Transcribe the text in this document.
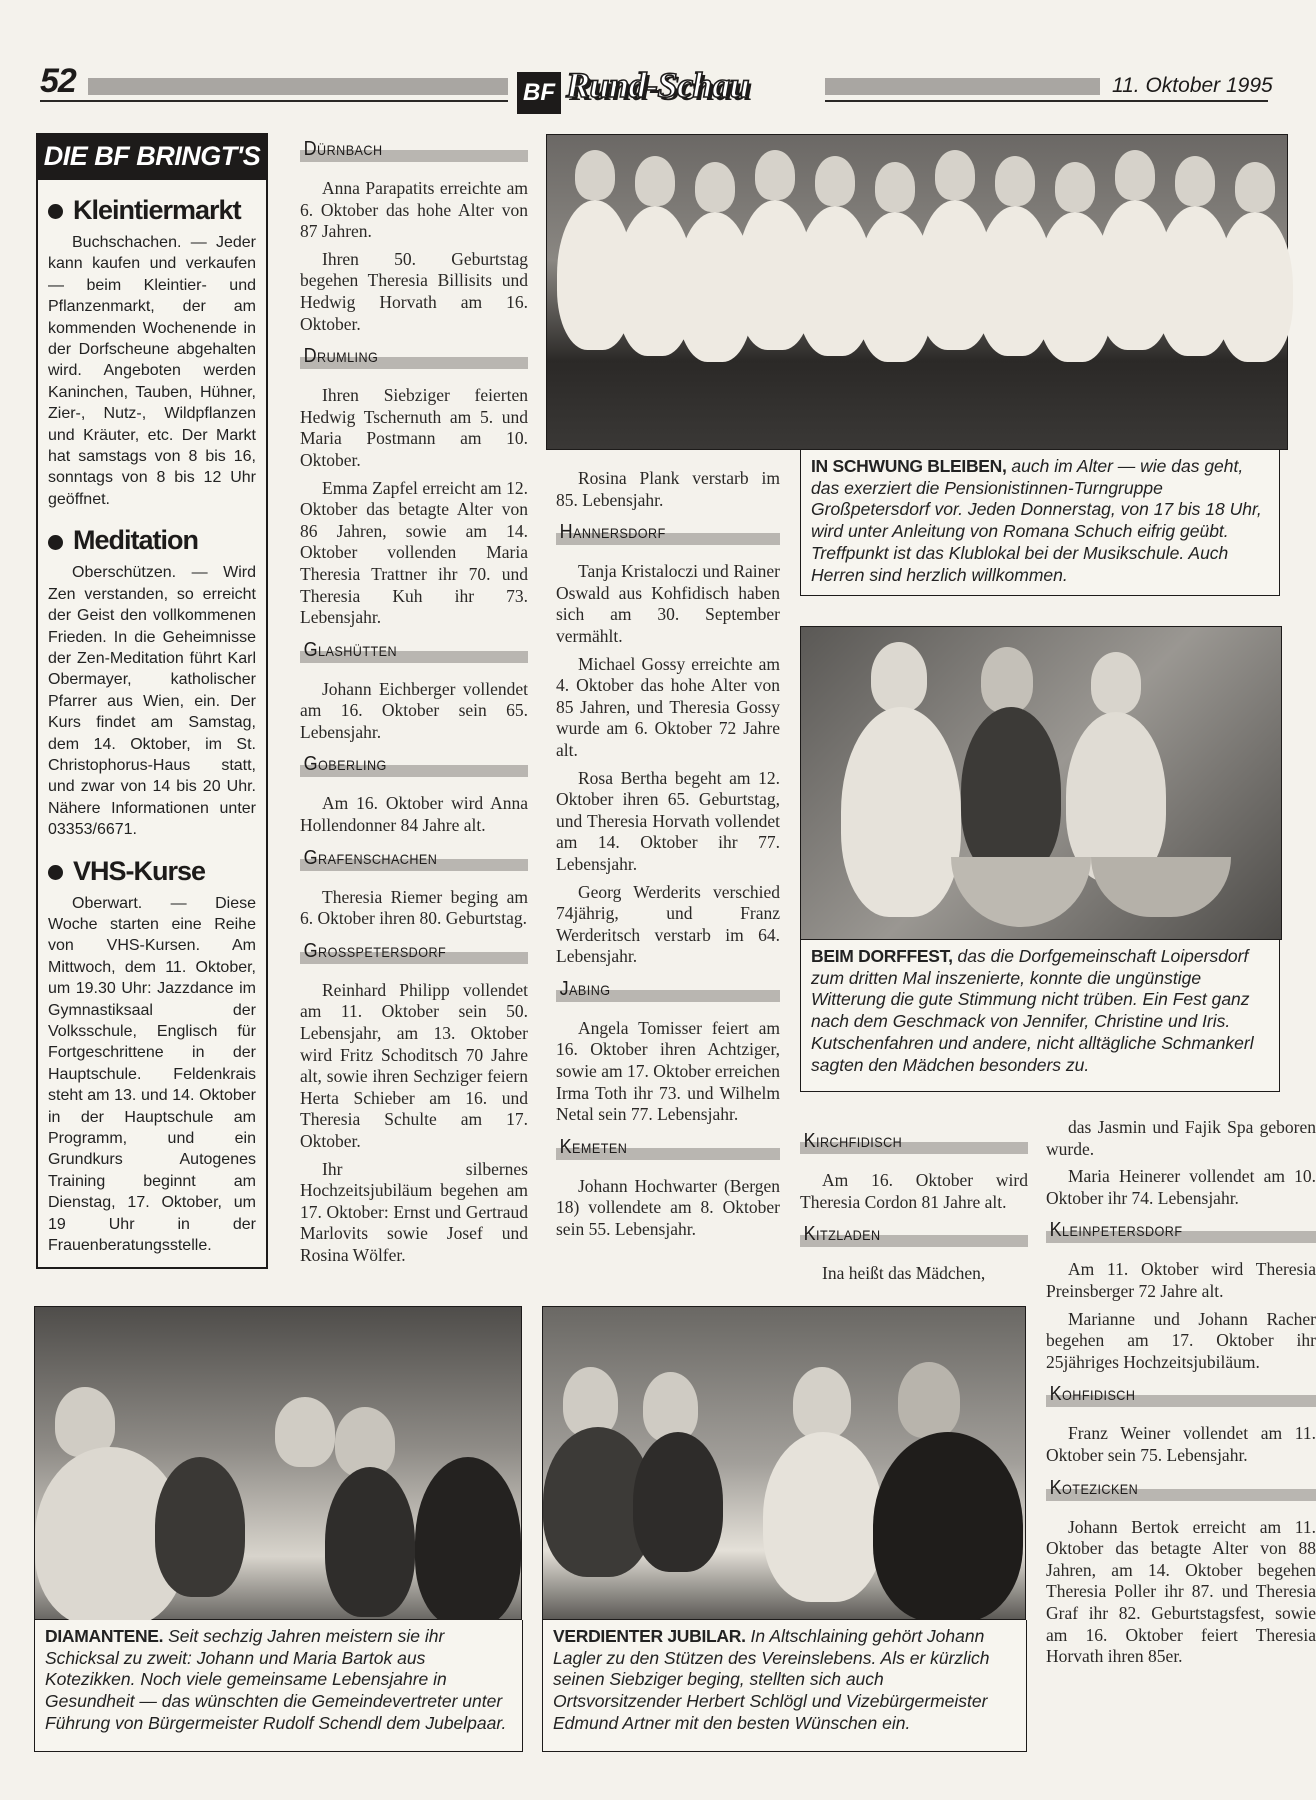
52	BF Rund-Schau	11. Oktober 1995
DIE BF BRINGT'S
Kleintiermarkt

Buchschachen. — Jeder kann kaufen und verkaufen — beim Kleintier- und Pflanzenmarkt, der am kommenden Wochenende in der Dorfscheune abgehalten wird. Angeboten werden Kaninchen, Tauben, Hühner, Zier-, Nutz-, Wildpflanzen und Kräuter, etc. Der Markt hat samstags von 8 bis 16, sonntags von 8 bis 12 Uhr geöffnet.

Meditation

Oberschützen. — Wird Zen verstanden, so erreicht der Geist den vollkommenen Frieden. In die Geheimnisse der Zen-Meditation führt Karl Obermayer, katholischer Pfarrer aus Wien, ein. Der Kurs findet am Samstag, dem 14. Oktober, im St. Christophorus-Haus statt, und zwar von 14 bis 20 Uhr. Nähere Informationen unter 03353/6671.

VHS-Kurse

Oberwart. — Diese Woche starten eine Reihe von VHS-Kursen. Am Mittwoch, dem 11. Oktober, um 19.30 Uhr: Jazzdance im Gymnastiksaal der Volksschule, Englisch für Fortgeschrittene in der Hauptschule. Feldenkrais steht am 13. und 14. Oktober in der Hauptschule am Programm, und ein Grundkurs Autogenes Training beginnt am Dienstag, 17. Oktober, um 19 Uhr in der Frauenberatungsstelle.

Dürnbach

Anna Parapatits erreichte am 6. Oktober das hohe Alter von 87 Jahren.

Ihren 50. Geburtstag begehen Theresia Billisits und Hedwig Horvath am 16. Oktober.

Drumling

Ihren Siebziger feierten Hedwig Tschernuth am 5. und Maria Postmann am 10. Oktober.

Emma Zapfel erreicht am 12. Oktober das betagte Alter von 86 Jahren, sowie am 14. Oktober vollenden Maria Theresia Trattner ihr 70. und Theresia Kuh ihr 73. Lebensjahr.

Glashütten

Johann Eichberger vollendet am 16. Oktober sein 65. Lebensjahr.

Goberling

Am 16. Oktober wird Anna Hollendonner 84 Jahre alt.

Grafenschachen

Theresia Riemer beging am 6. Oktober ihren 80. Geburtstag.

Grosspetersdorf

Reinhard Philipp vollendet am 11. Oktober sein 50. Lebensjahr, am 13. Oktober wird Fritz Schoditsch 70 Jahre alt, sowie ihren Sechziger feiern Herta Schieber am 16. und Theresia Schulte am 17. Oktober.

Ihr silbernes Hochzeitsjubiläum begehen am 17. Oktober: Ernst und Gertraud Marlovits sowie Josef und Rosina Wölfer.

Rosina Plank verstarb im 85. Lebensjahr.

Hannersdorf

Tanja Kristaloczi und Rainer Oswald aus Kohfidisch haben sich am 30. September vermählt.

Michael Gossy erreichte am 4. Oktober das hohe Alter von 85 Jahren, und Theresia Gossy wurde am 6. Oktober 72 Jahre alt.

Rosa Bertha begeht am 12. Oktober ihren 65. Geburtstag, und Theresia Horvath vollendet am 14. Oktober ihr 77. Lebensjahr.

Georg Werderits verschied 74jährig, und Franz Werderitsch verstarb im 64. Lebensjahr.

Jabing

Angela Tomisser feiert am 16. Oktober ihren Achtziger, sowie am 17. Oktober erreichen Irma Toth ihr 73. und Wilhelm Netal sein 77. Lebensjahr.

Kemeten

Johann Hochwarter (Bergen 18) vollendete am 8. Oktober sein 55. Lebensjahr.

Kirchfidisch

Am 16. Oktober wird Theresia Cordon 81 Jahre alt.

Kitzladen

Ina heißt das Mädchen,

das Jasmin und Fajik Spa geboren wurde.

Maria Heinerer vollendet am 10. Oktober ihr 74. Lebensjahr.

Kleinpetersdorf

Am 11. Oktober wird Theresia Preinsberger 72 Jahre alt.

Marianne und Johann Racher begehen am 17. Oktober ihr 25jähriges Hochzeitsjubiläum.

Kohfidisch

Franz Weiner vollendet am 11. Oktober sein 75. Lebensjahr.

Kotezicken

Johann Bertok erreicht am 11. Oktober das betagte Alter von 88 Jahren, am 14. Oktober begehen Theresia Poller ihr 87. und Theresia Graf ihr 82. Geburtstagsfest, sowie am 16. Oktober feiert Theresia Horvath ihren 85er.

IN SCHWUNG BLEIBEN, auch im Alter — wie das geht, das exerziert die Pensionistinnen-Turngruppe Großpetersdorf vor. Jeden Donnerstag, von 17 bis 18 Uhr, wird unter Anleitung von Romana Schuch eifrig geübt. Treffpunkt ist das Klublokal bei der Musikschule. Auch Herren sind herzlich willkommen.
BEIM DORFFEST, das die Dorfgemeinschaft Loipersdorf zum dritten Mal inszenierte, konnte die ungünstige Witterung die gute Stimmung nicht trüben. Ein Fest ganz nach dem Geschmack von Jennifer, Christine und Iris. Kutschenfahren und andere, nicht alltägliche Schmankerl sagten den Mädchen besonders zu.
DIAMANTENE. Seit sechzig Jahren meistern sie ihr Schicksal zu zweit: Johann und Maria Bartok aus Kotezikken. Noch viele gemeinsame Lebensjahre in Gesundheit — das wünschten die Gemeindevertreter unter Führung von Bürgermeister Rudolf Schendl dem Jubelpaar.
VERDIENTER JUBILAR. In Altschlaining gehört Johann Lagler zu den Stützen des Vereinslebens. Als er kürzlich seinen Siebziger beging, stellten sich auch Ortsvorsitzender Herbert Schlögl und Vizebürgermeister Edmund Artner mit den besten Wünschen ein.
